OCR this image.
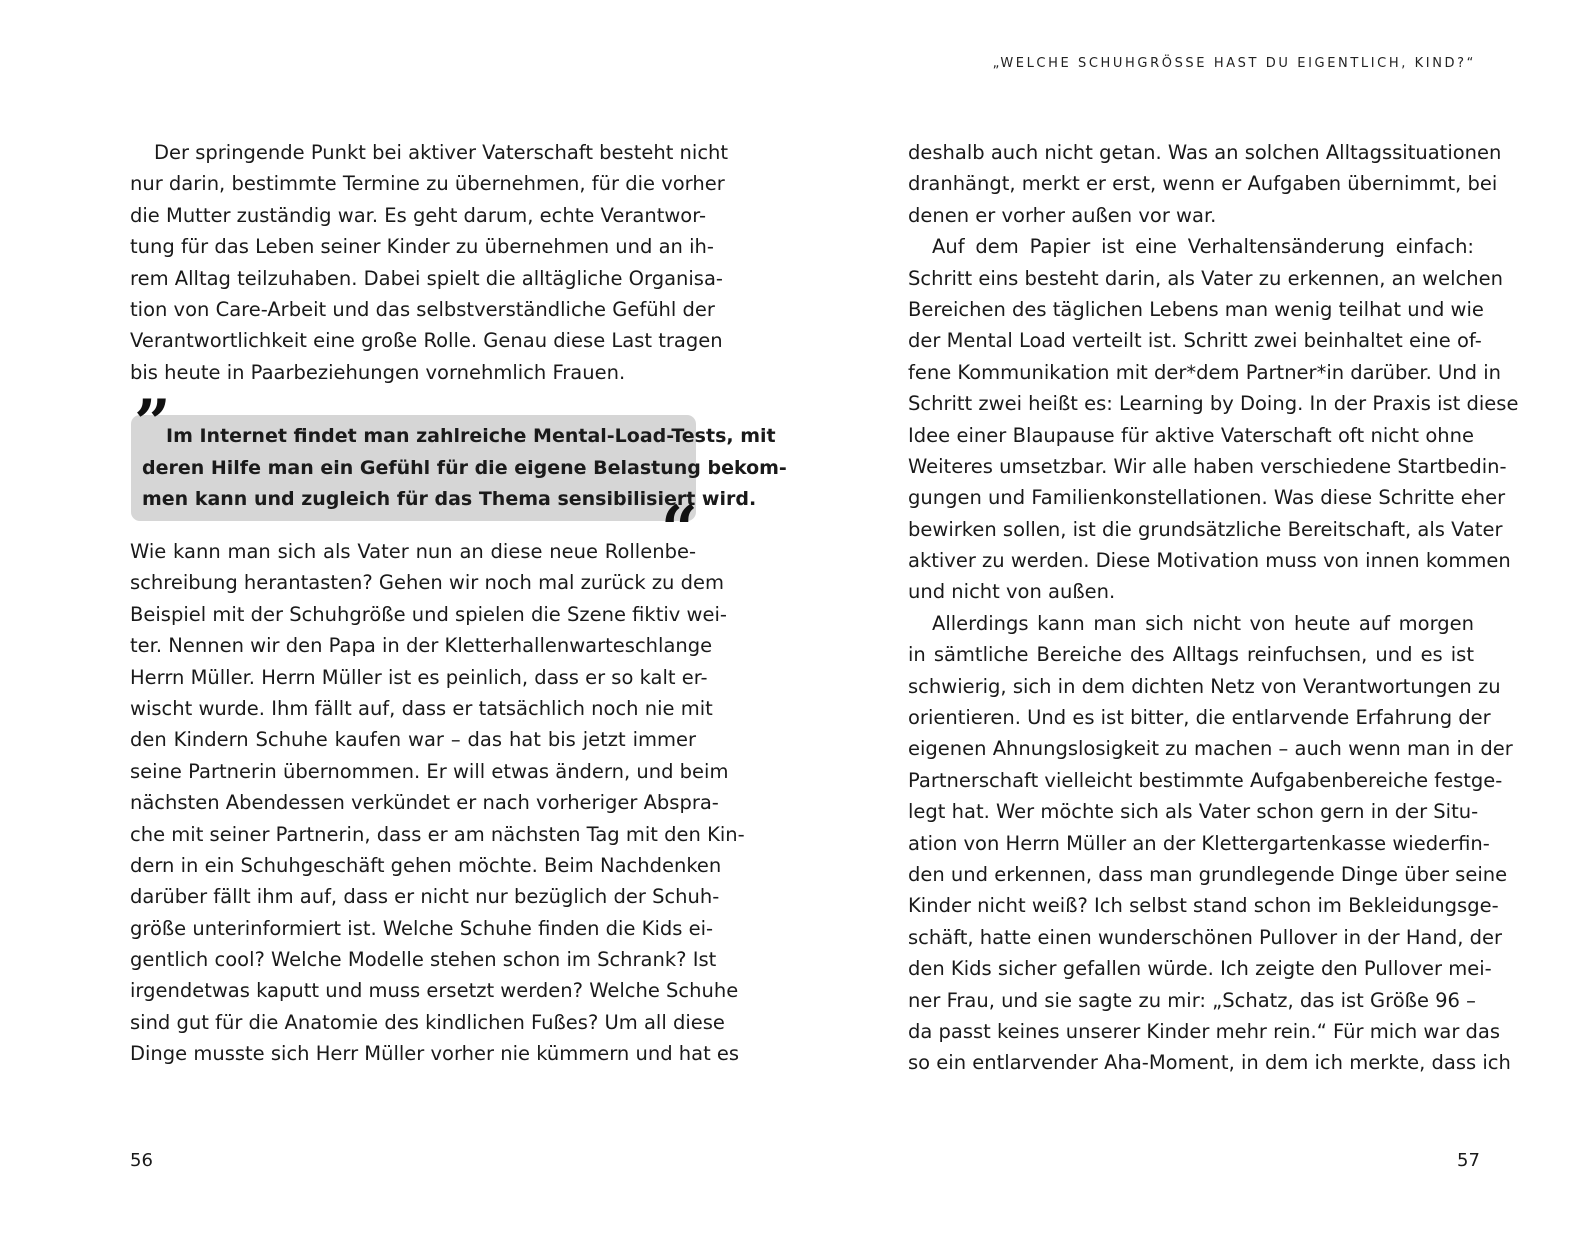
„WELCHE SCHUHGRÖSSE HAST DU EIGENTLICH, KIND?“
Der springende Punkt bei aktiver Vaterschaft besteht nicht
nur darin, bestimmte Termine zu übernehmen, für die vorher
die Mutter zuständig war. Es geht darum, echte Verantwor-
tung für das Leben seiner Kinder zu übernehmen und an ih-
rem Alltag teilzuhaben. Dabei spielt die alltägliche Organisa-
tion von Care-Arbeit und das selbstverständliche Gefühl der
Verantwortlichkeit eine große Rolle. Genau diese Last tragen
bis heute in Paarbeziehungen vornehmlich Frauen.
”
Im Internet findet man zahlreiche Mental-Load-Tests, mit
deren Hilfe man ein Gefühl für die eigene Belastung bekom-
men kann und zugleich für das Thema sensibilisiert wird.
“
Wie kann man sich als Vater nun an diese neue Rollenbe-
schreibung herantasten? Gehen wir noch mal zurück zu dem
Beispiel mit der Schuhgröße und spielen die Szene fiktiv wei-
ter. Nennen wir den Papa in der Kletterhallenwarteschlange
Herrn Müller. Herrn Müller ist es peinlich, dass er so kalt er-
wischt wurde. Ihm fällt auf, dass er tatsächlich noch nie mit
den Kindern Schuhe kaufen war – das hat bis jetzt immer
seine Partnerin übernommen. Er will etwas ändern, und beim
nächsten Abendessen verkündet er nach vorheriger Abspra-
che mit seiner Partnerin, dass er am nächsten Tag mit den Kin-
dern in ein Schuhgeschäft gehen möchte. Beim Nachdenken
darüber fällt ihm auf, dass er nicht nur bezüglich der Schuh-
größe unterinformiert ist. Welche Schuhe finden die Kids ei-
gentlich cool? Welche Modelle stehen schon im Schrank? Ist
irgendetwas kaputt und muss ersetzt werden? Welche Schuhe
sind gut für die Anatomie des kindlichen Fußes? Um all diese
Dinge musste sich Herr Müller vorher nie kümmern und hat es
56
deshalb auch nicht getan. Was an solchen Alltagssituationen
dranhängt, merkt er erst, wenn er Aufgaben übernimmt, bei
denen er vorher außen vor war.
Auf dem Papier ist eine Verhaltensänderung einfach:
Schritt eins besteht darin, als Vater zu erkennen, an welchen
Bereichen des täglichen Lebens man wenig teilhat und wie
der Mental Load verteilt ist. Schritt zwei beinhaltet eine of-
fene Kommunikation mit der*dem Partner*in darüber. Und in
Schritt zwei heißt es: Learning by Doing. In der Praxis ist diese
Idee einer Blaupause für aktive Vaterschaft oft nicht ohne
Weiteres umsetzbar. Wir alle haben verschiedene Startbedin-
gungen und Familienkonstellationen. Was diese Schritte eher
bewirken sollen, ist die grundsätzliche Bereitschaft, als Vater
aktiver zu werden. Diese Motivation muss von innen kommen
und nicht von außen.
Allerdings kann man sich nicht von heute auf morgen
in sämtliche Bereiche des Alltags reinfuchsen, und es ist
schwierig, sich in dem dichten Netz von Verantwortungen zu
orientieren. Und es ist bitter, die entlarvende Erfahrung der
eigenen Ahnungslosigkeit zu machen – auch wenn man in der
Partnerschaft vielleicht bestimmte Aufgabenbereiche festge-
legt hat. Wer möchte sich als Vater schon gern in der Situ-
ation von Herrn Müller an der Klettergartenkasse wiederfin-
den und erkennen, dass man grundlegende Dinge über seine
Kinder nicht weiß? Ich selbst stand schon im Bekleidungsge-
schäft, hatte einen wunderschönen Pullover in der Hand, der
den Kids sicher gefallen würde. Ich zeigte den Pullover mei-
ner Frau, und sie sagte zu mir: „Schatz, das ist Größe 96 –
da passt keines unserer Kinder mehr rein.“ Für mich war das
so ein entlarvender Aha-Moment, in dem ich merkte, dass ich
57
